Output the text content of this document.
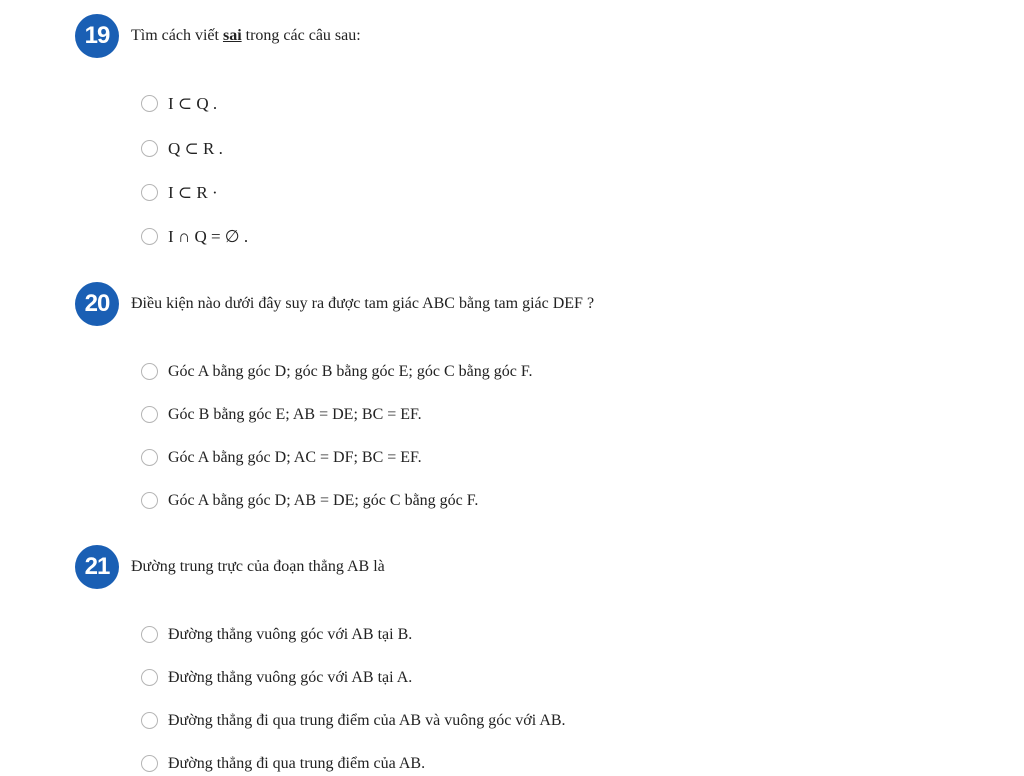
19	Tìm cách viết sai trong các câu sau:
I ⊂ Q .
Q ⊂ R .
I ⊂ R ·
I ∩ Q = ∅ .
20	Điều kiện nào dưới đây suy ra được tam giác ABC bằng tam giác DEF ?
Góc A bằng góc D; góc B bằng góc E; góc C bằng góc F.
Góc B bằng góc E; AB = DE; BC = EF.
Góc A bằng góc D; AC = DF; BC = EF.
Góc A bằng góc D; AB = DE; góc C bằng góc F.
21	Đường trung trực của đoạn thẳng AB là
Đường thẳng vuông góc với AB tại B.
Đường thẳng vuông góc với AB tại A.
Đường thẳng đi qua trung điểm của AB và vuông góc với AB.
Đường thẳng đi qua trung điểm của AB.
